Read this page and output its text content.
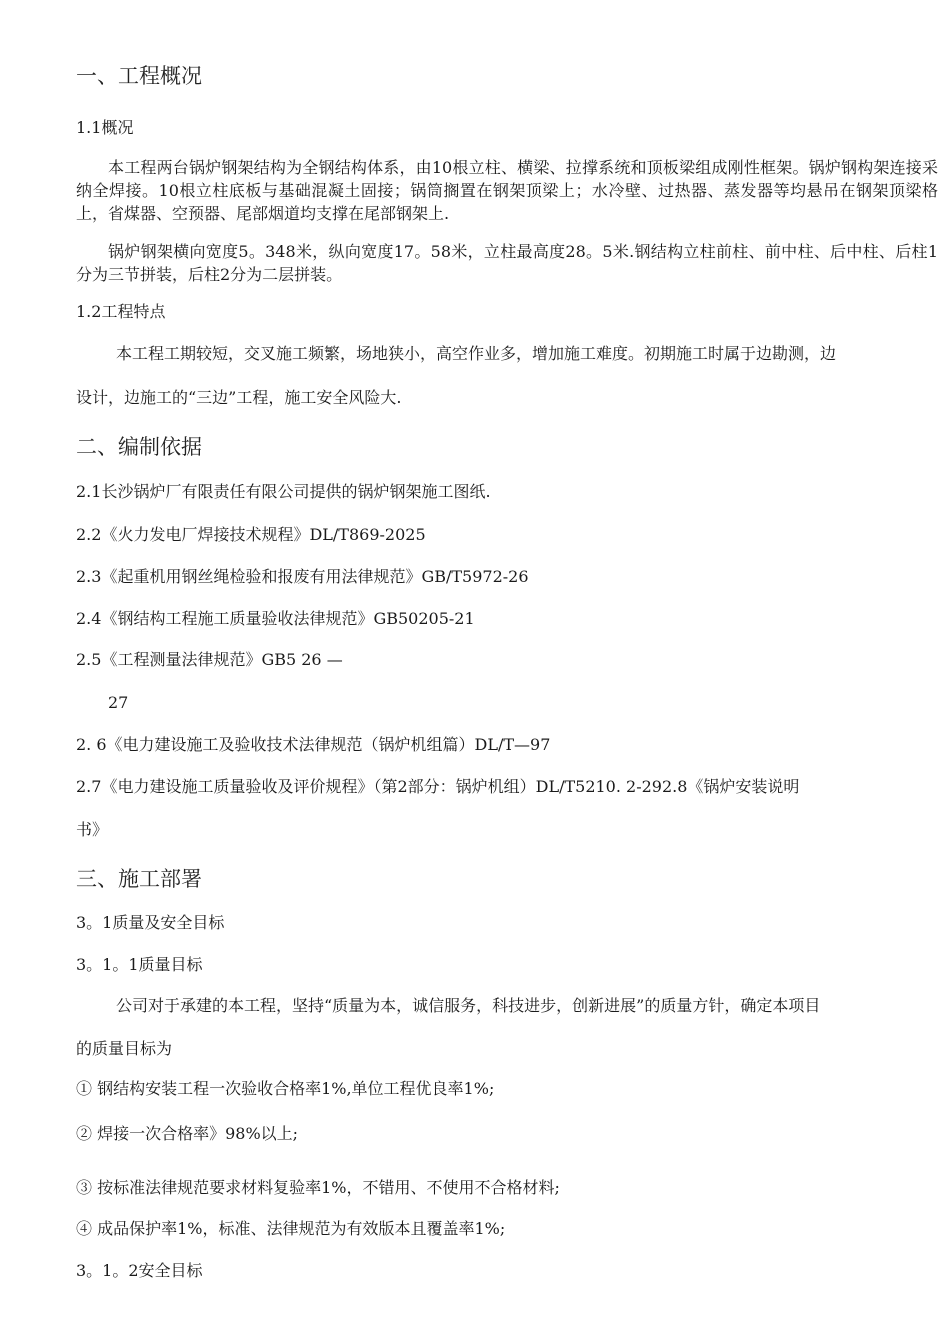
一、工程概况
1.1概况
本工程两台锅炉钢架结构为全钢结构体系，由10根立柱、横梁、拉撑系统和顶板梁组成刚性框架。锅炉钢构架连接采纳全焊接。10根立柱底板与基础混凝土固接；锅筒搁置在钢架顶梁上；水冷壁、过热器、蒸发器等均悬吊在钢架顶梁格上，省煤器、空预器、尾部烟道均支撑在尾部钢架上.
锅炉钢架横向宽度5。348米，纵向宽度17。58米，立柱最高度28。5米.钢结构立柱前柱、前中柱、后中柱、后柱1分为三节拼装，后柱2分为二层拼装。
1.2工程特点
本工程工期较短，交叉施工频繁，场地狭小，高空作业多，增加施工难度。初期施工时属于边勘测，边
设计，边施工的“三边”工程，施工安全风险大.
二、编制依据
2.1长沙锅炉厂有限责任有限公司提供的锅炉钢架施工图纸.
2.2《火力发电厂焊接技术规程》DL/T869-2025
2.3《起重机用钢丝绳检验和报废有用法律规范》GB/T5972-26
2.4《钢结构工程施工质量验收法律规范》GB50205-21
2.5《工程测量法律规范》GB5 26 —
27
2. 6《电力建设施工及验收技术法律规范（锅炉机组篇）DL/T—97
2.7《电力建设施工质量验收及评价规程》（第2部分：锅炉机组）DL/T5210. 2-292.8《锅炉安装说明
书》
三、施工部署
3。1质量及安全目标
3。1。1质量目标
公司对于承建的本工程，坚持“质量为本，诚信服务，科技进步，创新进展”的质量方针，确定本项目
的质量目标为
① 钢结构安装工程一次验收合格率1%,单位工程优良率1%;
② 焊接一次合格率》98%以上;
③ 按标准法律规范要求材料复验率1%，不错用、不使用不合格材料;
④ 成品保护率1%，标准、法律规范为有效版本且覆盖率1%;
3。1。2安全目标
